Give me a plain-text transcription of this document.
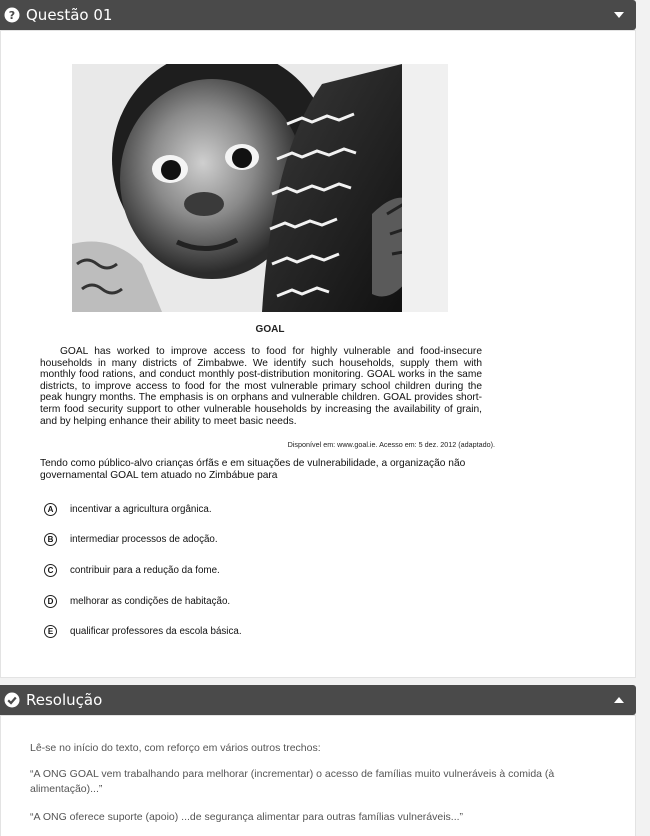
? Questão 01
GOAL
GOAL has worked to improve access to food for highly vulnerable and food-insecure households in many districts of Zimbabwe. We identify such households, supply them with monthly food rations, and conduct monthly post-distribution monitoring. GOAL works in the same districts, to improve access to food for the most vulnerable primary school children during the peak hungry months. The emphasis is on orphans and vulnerable children. GOAL provides short-term food security support to other vulnerable households by increasing the availability of grain, and by helping enhance their ability to meet basic needs.
Disponível em: www.goal.ie. Acesso em: 5 dez. 2012 (adaptado).
Tendo como público-alvo crianças órfãs e em situações de vulnerabilidade, a organização não governamental GOAL tem atuado no Zimbábue para
A	incentivar a agricultura orgânica.
B	intermediar processos de adoção.
C	contribuir para a redução da fome.
D	melhorar as condições de habitação.
E	qualificar professores da escola básica.
Resolução
Lê-se no início do texto, com reforço em vários outros trechos:
“A ONG GOAL vem trabalhando para melhorar (incrementar) o acesso de famílias muito vulneráveis à comida (à alimentação)...”
“A ONG oferece suporte (apoio) ...de segurança alimentar para outras famílias vulneráveis...”
